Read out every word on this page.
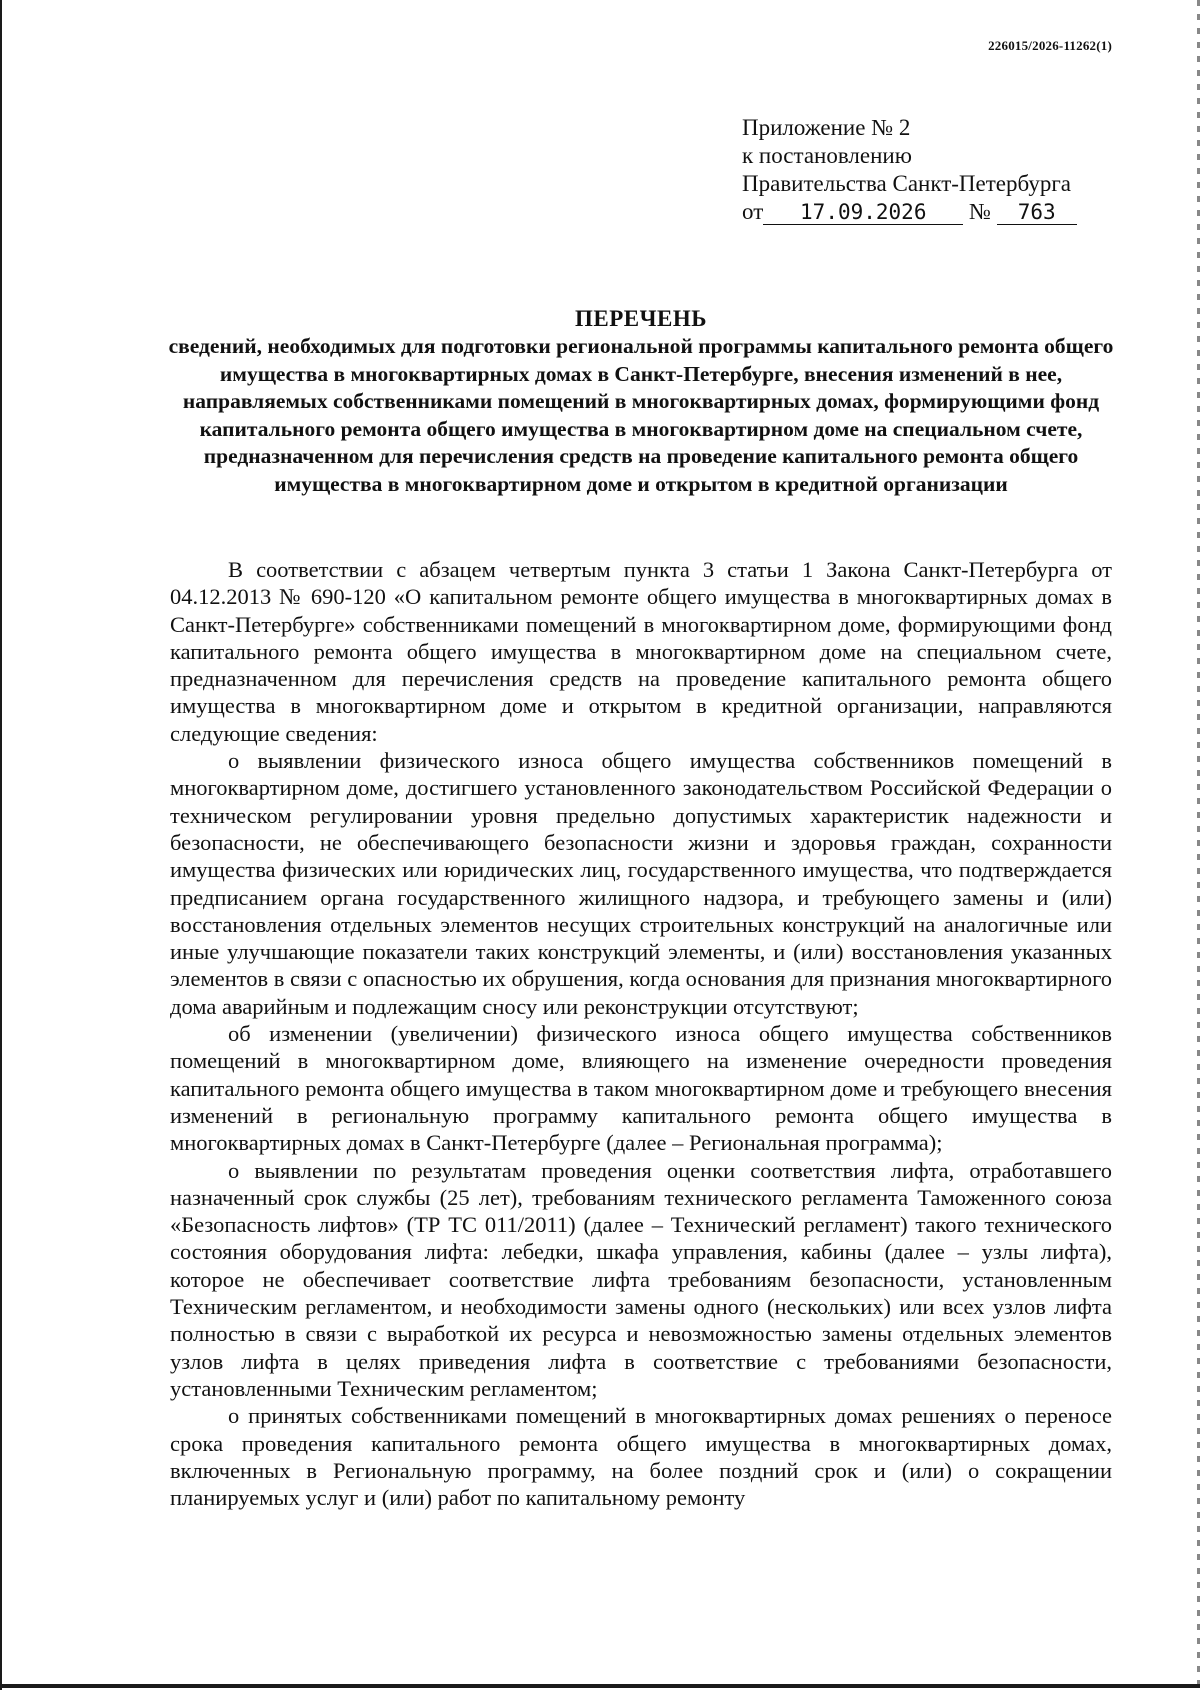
226015/2026-11262(1)
Приложение № 2
к постановлению
Правительства Санкт-Петербурга
от 17.09.2026 № 763
ПЕРЕЧЕНЬ
сведений, необходимых для подготовки региональной программы капитального ремонта общего имущества в многоквартирных домах в Санкт-Петербурге, внесения изменений в нее, направляемых собственниками помещений в многоквартирных домах, формирующими фонд капитального ремонта общего имущества в многоквартирном доме на специальном счете, предназначенном для перечисления средств на проведение капитального ремонта общего имущества в многоквартирном доме и открытом в кредитной организации

В соответствии с абзацем четвертым пункта 3 статьи 1 Закона Санкт-Петербурга от 04.12.2013 № 690-120 «О капитальном ремонте общего имущества в многоквартирных домах в Санкт-Петербурге» собственниками помещений в многоквартирном доме, формирующими фонд капитального ремонта общего имущества в многоквартирном доме на специальном счете, предназначенном для перечисления средств на проведение капитального ремонта общего имущества в многоквартирном доме и открытом в кредитной организации, направляются следующие сведения:

о выявлении физического износа общего имущества собственников помещений в многоквартирном доме, достигшего установленного законодательством Российской Федерации о техническом регулировании уровня предельно допустимых характеристик надежности и безопасности, не обеспечивающего безопасности жизни и здоровья граждан, сохранности имущества физических или юридических лиц, государственного имущества, что подтверждается предписанием органа государственного жилищного надзора, и требующего замены и (или) восстановления отдельных элементов несущих строительных конструкций на аналогичные или иные улучшающие показатели таких конструкций элементы, и (или) восстановления указанных элементов в связи с опасностью их обрушения, когда основания для признания многоквартирного дома аварийным и подлежащим сносу или реконструкции отсутствуют;

об изменении (увеличении) физического износа общего имущества собственников помещений в многоквартирном доме, влияющего на изменение очередности проведения капитального ремонта общего имущества в таком многоквартирном доме и требующего внесения изменений в региональную программу капитального ремонта общего имущества в многоквартирных домах в Санкт-Петербурге (далее – Региональная программа);

о выявлении по результатам проведения оценки соответствия лифта, отработавшего назначенный срок службы (25 лет), требованиям технического регламента Таможенного союза «Безопасность лифтов» (ТР ТС 011/2011) (далее – Технический регламент) такого технического состояния оборудования лифта: лебедки, шкафа управления, кабины (далее – узлы лифта), которое не обеспечивает соответствие лифта требованиям безопасности, установленным Техническим регламентом, и необходимости замены одного (нескольких) или всех узлов лифта полностью в связи с выработкой их ресурса и невозможностью замены отдельных элементов узлов лифта в целях приведения лифта в соответствие с требованиями безопасности, установленными Техническим регламентом;

о принятых собственниками помещений в многоквартирных домах решениях о переносе срока проведения капитального ремонта общего имущества в многоквартирных домах, включенных в Региональную программу, на более поздний срок и (или) о сокращении планируемых услуг и (или) работ по капитальному ремонту
